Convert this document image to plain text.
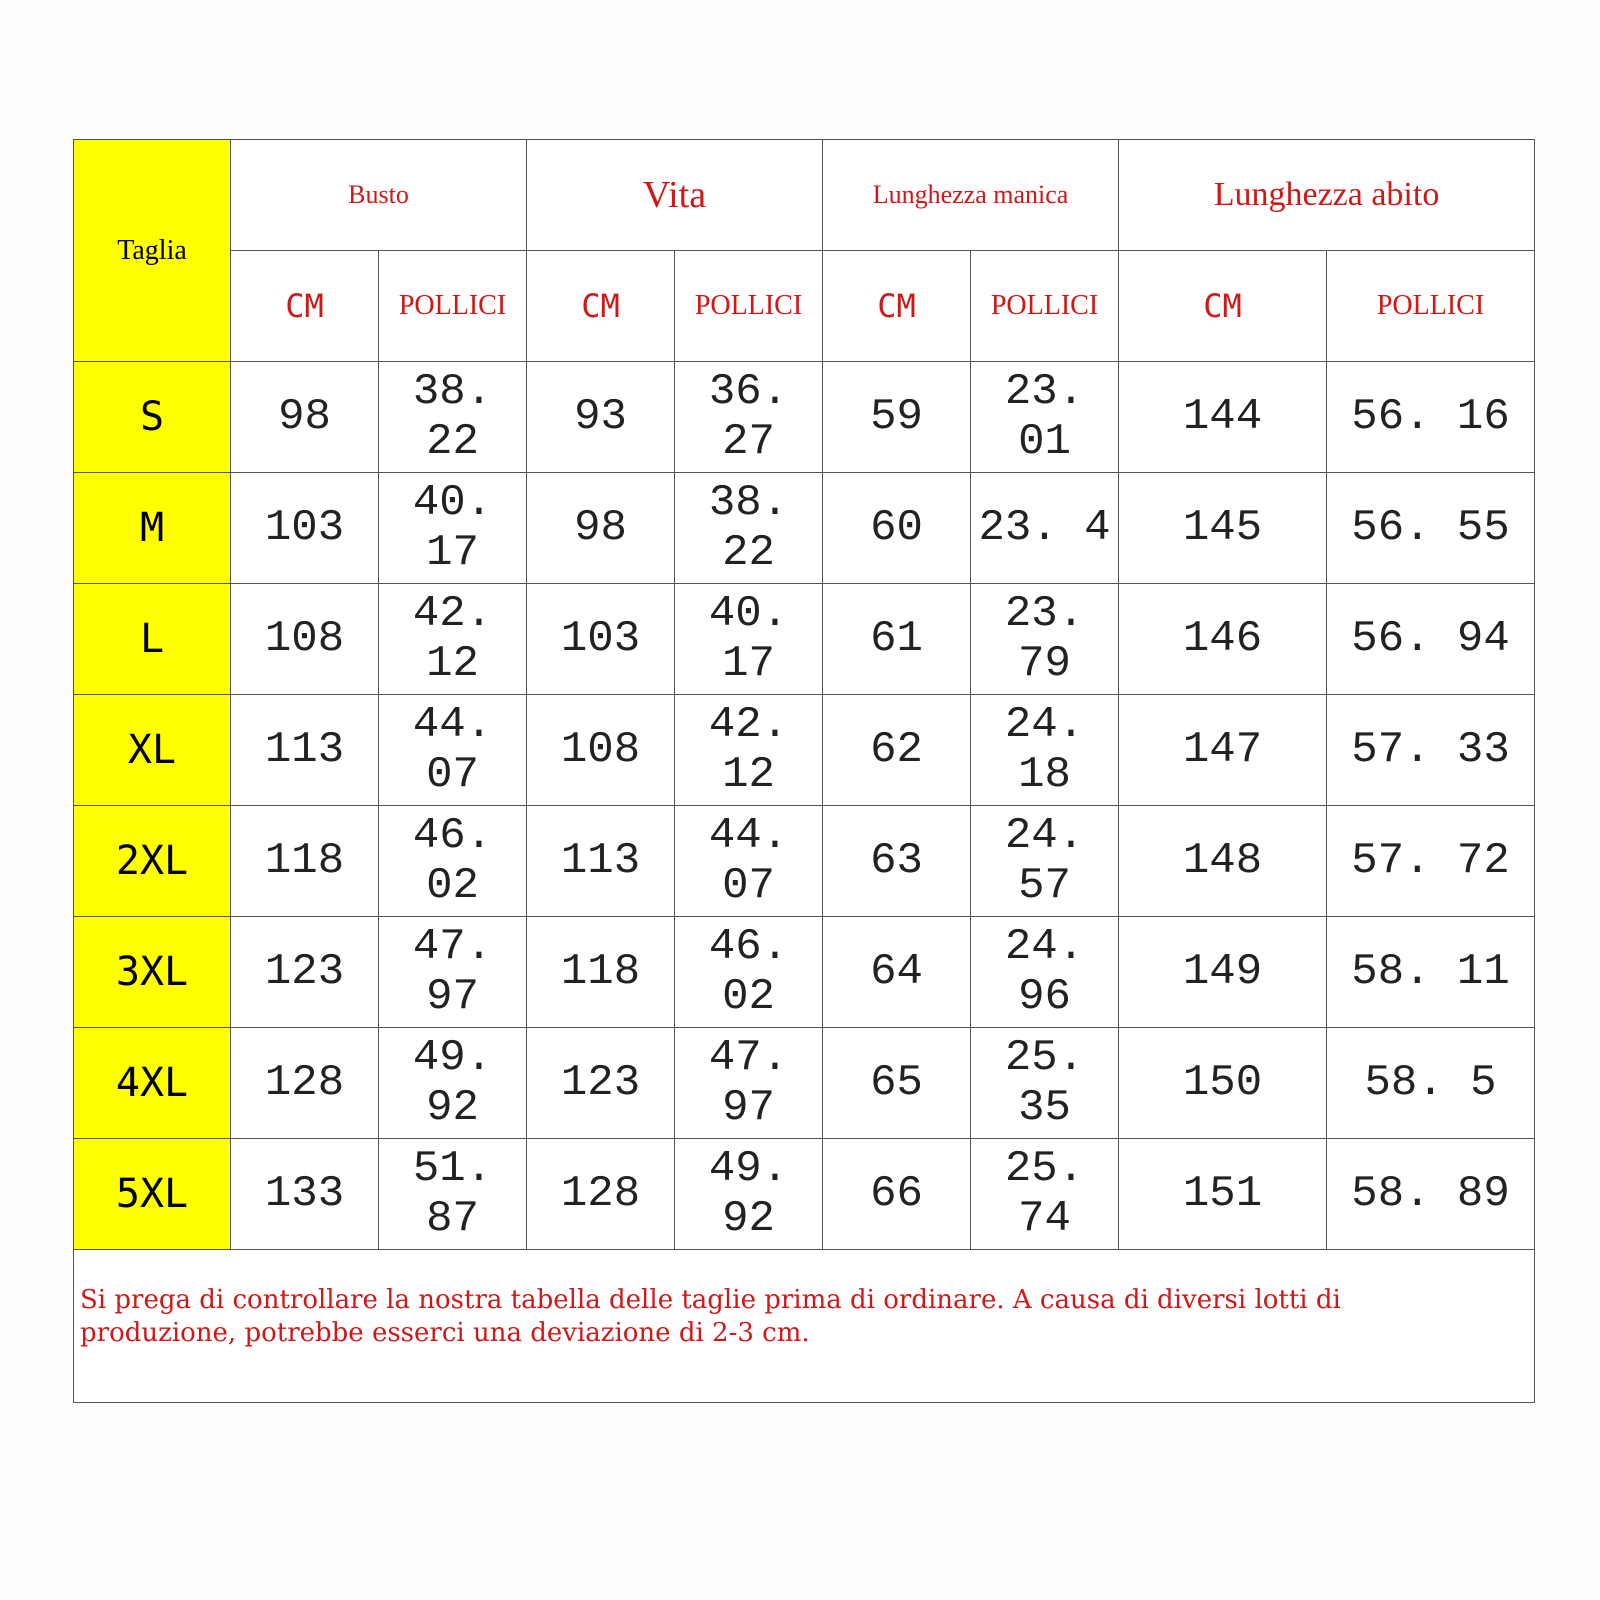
Taglia	Busto		Vita		Lunghezza manica		Lunghezza abito	
	CM	POLLICI	CM	POLLICI	CM	POLLICI	CM	POLLICI
S	98	38. 22	93	36. 27	59	23. 01	144	56. 16
M	103	40. 17	98	38. 22	60	23. 4	145	56. 55
L	108	42. 12	103	40. 17	61	23. 79	146	56. 94
XL	113	44. 07	108	42. 12	62	24. 18	147	57. 33
2XL	118	46. 02	113	44. 07	63	24. 57	148	57. 72
3XL	123	47. 97	118	46. 02	64	24. 96	149	58. 11
4XL	128	49. 92	123	47. 97	65	25. 35	150	58. 5
5XL	133	51. 87	128	49. 92	66	25. 74	151	58. 89
Si prega di controllare la nostra tabella delle taglie prima di ordinare. A causa di diversi lotti di produzione, potrebbe esserci una deviazione di 2-3 cm.
